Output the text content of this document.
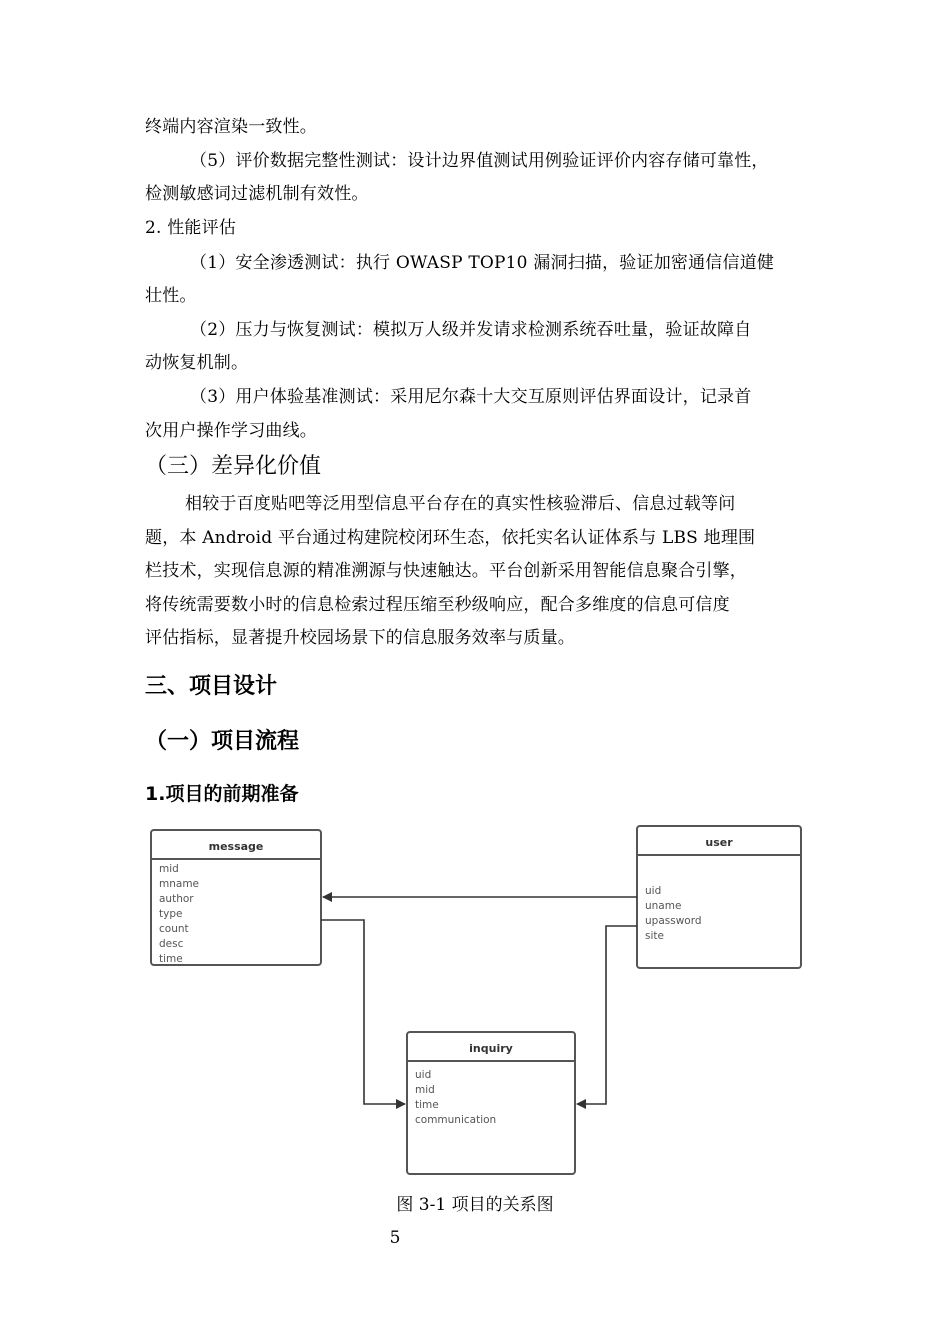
终端内容渲染一致性。
（5）评价数据完整性测试：设计边界值测试用例验证评价内容存储可靠性，
检测敏感词过滤机制有效性。
2. 性能评估
（1）安全渗透测试：执行 OWASP TOP10 漏洞扫描，验证加密通信信道健
壮性。
（2）压力与恢复测试：模拟万人级并发请求检测系统吞吐量，验证故障自
动恢复机制。
（3）用户体验基准测试：采用尼尔森十大交互原则评估界面设计，记录首
次用户操作学习曲线。
（三）差异化价值
相较于百度贴吧等泛用型信息平台存在的真实性核验滞后、信息过载等问
题，本 Android 平台通过构建院校闭环生态，依托实名认证体系与 LBS 地理围
栏技术，实现信息源的精准溯源与快速触达。平台创新采用智能信息聚合引擎，
将传统需要数小时的信息检索过程压缩至秒级响应，配合多维度的信息可信度
评估指标，显著提升校园场景下的信息服务效率与质量。
三、项目设计
（一）项目流程
1.项目的前期准备
message
mid
mname
author
type
count
desc
time
user
uid
uname
upassword
site
inquiry
uid
mid
time
communication
图 3-1 项目的关系图
5
